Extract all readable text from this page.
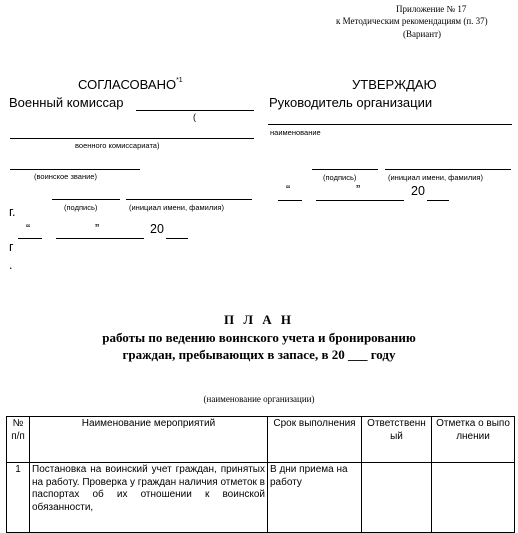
Приложение № 17
к Методическим рекомендациям (п. 37)
(Вариант)
СОГЛАСОВАНО$^{*1}$
Военный комиссар
(
военного комиссариата)
(воинское звание)
г.	(подпись)	(инициал имени, фамилия)
“	”	20
г
.
УТВЕРЖДАЮ
Руководитель организации
наименование
(подпись)	(инициал имени, фамилия)
“	”	20
П Л А Н
работы по ведению воинского учета и бронированию
граждан, пребывающих в запасе, в 20 ___ году
(наименование организации)
№ п/п	Наименование мероприятий	Срок выполнения	Ответственный	Отметка о выполнении
1	Постановка на воинский учет граждан, принятых на работу. Проверка у граждан наличия отметок в паспортах об их отношении к воинской обязанности,	В дни приема на работу		
